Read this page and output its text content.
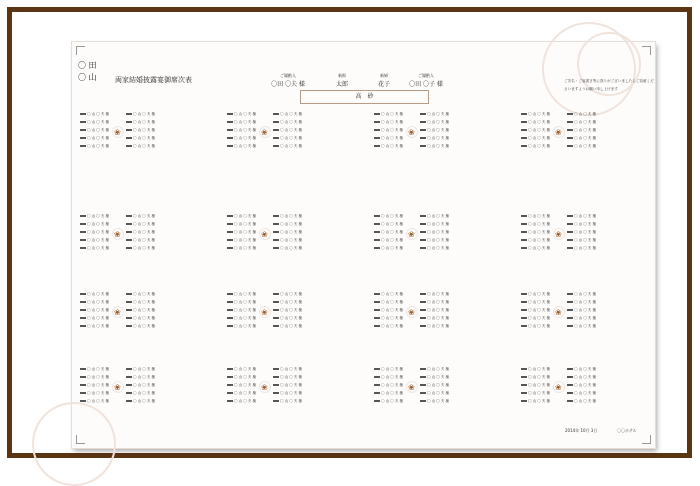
〇 田
〇 山	両家結婚披露宴御席次表
ご媒酌人
〇田 〇夫 様
新郎
太郎
新婦
花子
ご媒酌人
〇田 〇子 様
高　砂
ご芳名・ご肩書き等に誤りがございましたらご容赦くださいますようお願い申し上げます
❀
〇 山 〇 夫 様
〇 山 〇 夫 様
〇 山 〇 夫 様
〇 山 〇 夫 様
〇 山 〇 夫 様
〇 山 〇 夫 様
〇 山 〇 夫 様
〇 山 〇 夫 様
〇 山 〇 夫 様
〇 山 〇 夫 様
❀
〇 山 〇 夫 様
〇 山 〇 夫 様
〇 山 〇 夫 様
〇 山 〇 夫 様
〇 山 〇 夫 様
〇 山 〇 夫 様
〇 山 〇 夫 様
〇 山 〇 夫 様
〇 山 〇 夫 様
〇 山 〇 夫 様
❀
〇 山 〇 夫 様
〇 山 〇 夫 様
〇 山 〇 夫 様
〇 山 〇 夫 様
〇 山 〇 夫 様
〇 山 〇 夫 様
〇 山 〇 夫 様
〇 山 〇 夫 様
〇 山 〇 夫 様
〇 山 〇 夫 様
❀
〇 山 〇 夫 様
〇 山 〇 夫 様
〇 山 〇 夫 様
〇 山 〇 夫 様
〇 山 〇 夫 様
〇 山 〇 夫 様
〇 山 〇 夫 様
〇 山 〇 夫 様
〇 山 〇 夫 様
〇 山 〇 夫 様
❀
〇 山 〇 夫 様
〇 山 〇 夫 様
〇 山 〇 夫 様
〇 山 〇 夫 様
〇 山 〇 夫 様
〇 山 〇 夫 様
〇 山 〇 夫 様
〇 山 〇 夫 様
〇 山 〇 夫 様
〇 山 〇 夫 様
❀
〇 山 〇 夫 様
〇 山 〇 夫 様
〇 山 〇 夫 様
〇 山 〇 夫 様
〇 山 〇 夫 様
〇 山 〇 夫 様
〇 山 〇 夫 様
〇 山 〇 夫 様
〇 山 〇 夫 様
〇 山 〇 夫 様
❀
〇 山 〇 夫 様
〇 山 〇 夫 様
〇 山 〇 夫 様
〇 山 〇 夫 様
〇 山 〇 夫 様
〇 山 〇 夫 様
〇 山 〇 夫 様
〇 山 〇 夫 様
〇 山 〇 夫 様
〇 山 〇 夫 様
❀
〇 山 〇 夫 様
〇 山 〇 夫 様
〇 山 〇 夫 様
〇 山 〇 夫 様
〇 山 〇 夫 様
〇 山 〇 夫 様
〇 山 〇 夫 様
〇 山 〇 夫 様
〇 山 〇 夫 様
〇 山 〇 夫 様
❀
〇 山 〇 夫 様
〇 山 〇 夫 様
〇 山 〇 夫 様
〇 山 〇 夫 様
〇 山 〇 夫 様
〇 山 〇 夫 様
〇 山 〇 夫 様
〇 山 〇 夫 様
〇 山 〇 夫 様
〇 山 〇 夫 様
❀
〇 山 〇 夫 様
〇 山 〇 夫 様
〇 山 〇 夫 様
〇 山 〇 夫 様
〇 山 〇 夫 様
〇 山 〇 夫 様
〇 山 〇 夫 様
〇 山 〇 夫 様
〇 山 〇 夫 様
〇 山 〇 夫 様
❀
〇 山 〇 夫 様
〇 山 〇 夫 様
〇 山 〇 夫 様
〇 山 〇 夫 様
〇 山 〇 夫 様
〇 山 〇 夫 様
〇 山 〇 夫 様
〇 山 〇 夫 様
〇 山 〇 夫 様
〇 山 〇 夫 様
❀
〇 山 〇 夫 様
〇 山 〇 夫 様
〇 山 〇 夫 様
〇 山 〇 夫 様
〇 山 〇 夫 様
〇 山 〇 夫 様
〇 山 〇 夫 様
〇 山 〇 夫 様
〇 山 〇 夫 様
〇 山 〇 夫 様
❀
〇 山 〇 夫 様
〇 山 〇 夫 様
〇 山 〇 夫 様
〇 山 〇 夫 様
〇 山 〇 夫 様
〇 山 〇 夫 様
〇 山 〇 夫 様
〇 山 〇 夫 様
〇 山 〇 夫 様
〇 山 〇 夫 様
❀
〇 山 〇 夫 様
〇 山 〇 夫 様
〇 山 〇 夫 様
〇 山 〇 夫 様
〇 山 〇 夫 様
〇 山 〇 夫 様
〇 山 〇 夫 様
〇 山 〇 夫 様
〇 山 〇 夫 様
〇 山 〇 夫 様
❀
〇 山 〇 夫 様
〇 山 〇 夫 様
〇 山 〇 夫 様
〇 山 〇 夫 様
〇 山 〇 夫 様
〇 山 〇 夫 様
〇 山 〇 夫 様
〇 山 〇 夫 様
〇 山 〇 夫 様
〇 山 〇 夫 様
❀
〇 山 〇 夫 様
〇 山 〇 夫 様
〇 山 〇 夫 様
〇 山 〇 夫 様
〇 山 〇 夫 様
〇 山 〇 夫 様
〇 山 〇 夫 様
〇 山 〇 夫 様
〇 山 〇 夫 様
〇 山 〇 夫 様
2014年 10月 3日	〇〇ホテル
